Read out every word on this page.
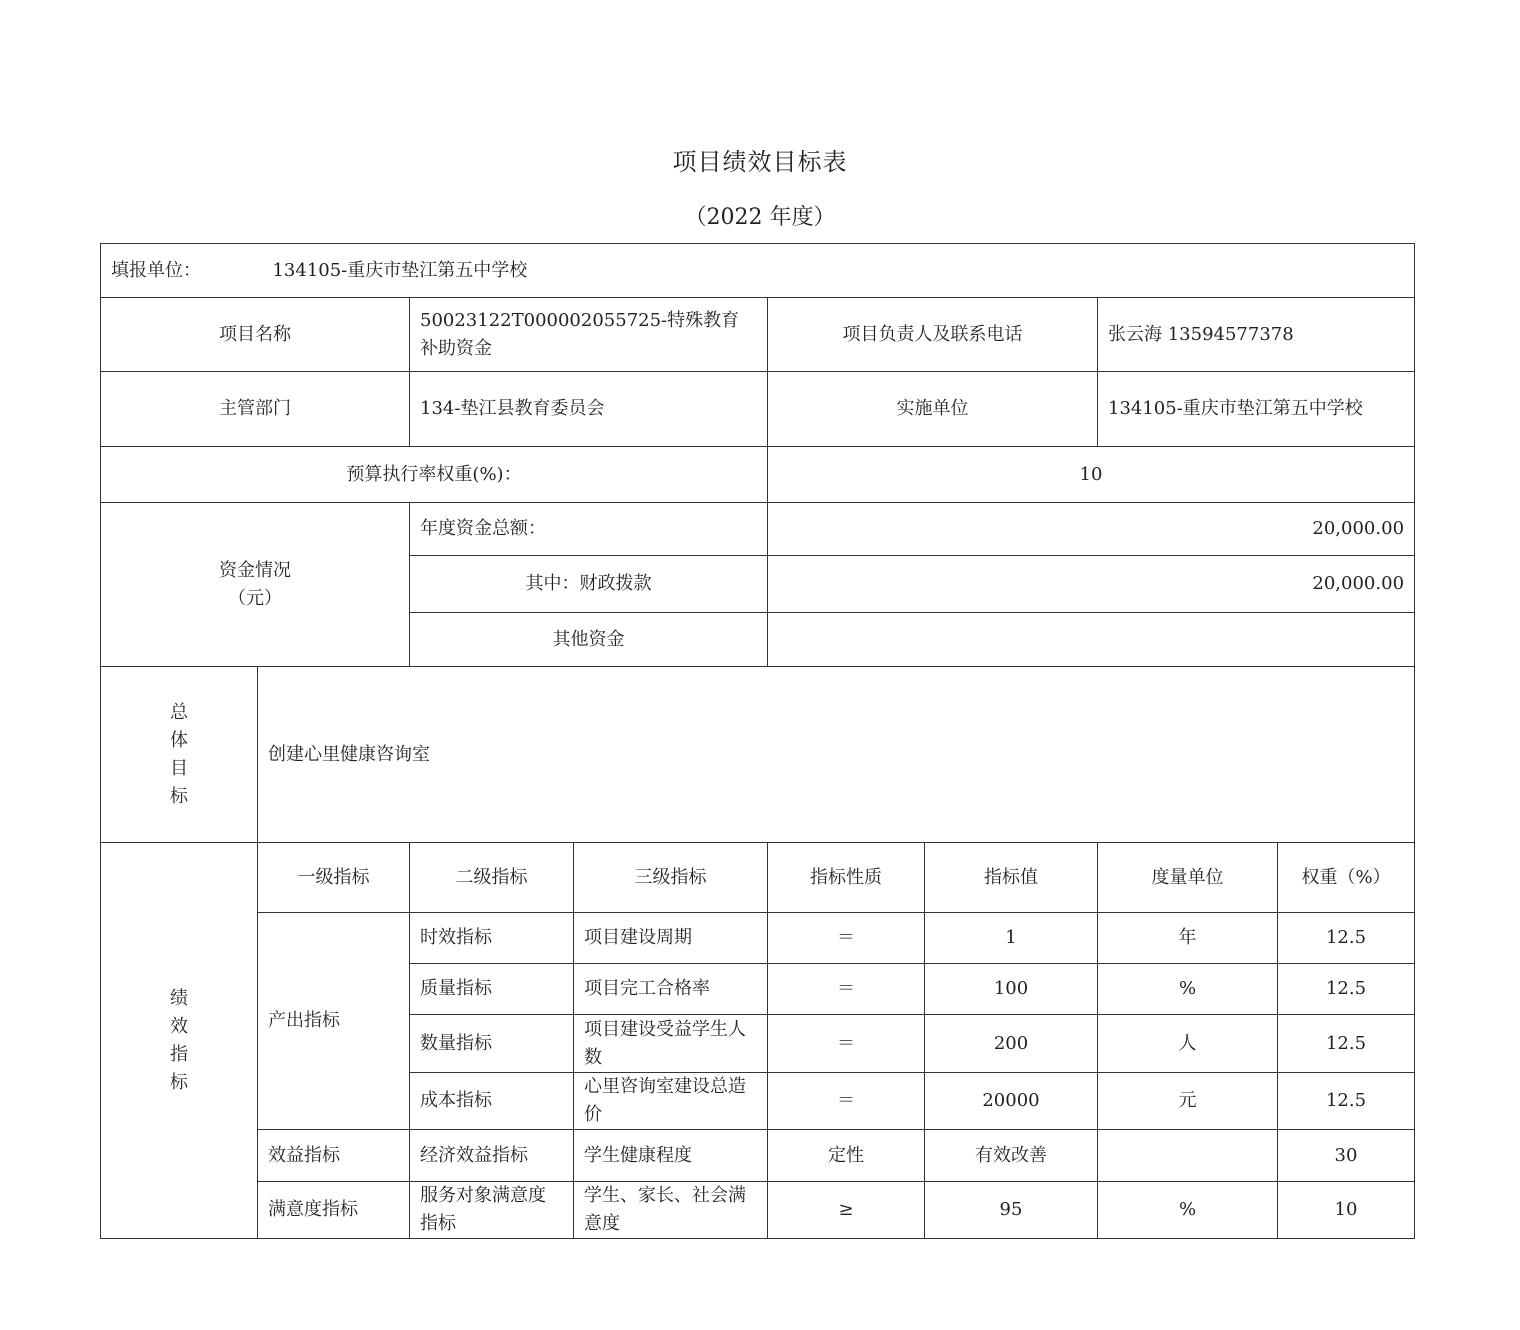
项目绩效目标表
（2022 年度）
填报单位： 134105-重庆市垫江第五中学校							
项目名称		50023122T000002055725-特殊教育补助资金		项目负责人及联系电话		张云海 13594577378	
主管部门		134-垫江县教育委员会		实施单位		134105-重庆市垫江第五中学校	
预算执行率权重(%)：				10			

资金情况
（元）		年度资金总额：		20,000.00			
		其中：财政拨款		20,000.00			
		其他资金					

总
体
目
标	创建心里健康咨询室						

绩
效
指
标	一级指标	二级指标	三级指标	指标性质	指标值	度量单位	权重（%）
	产出指标	时效指标	项目建设周期	＝	1	年	12.5
		质量指标	项目完工合格率	＝	100	%	12.5
		数量指标	项目建设受益学生人数	＝	200	人	12.5
		成本指标	心里咨询室建设总造价	＝	20000	元	12.5
	效益指标	经济效益指标	学生健康程度	定性	有效改善		30
	满意度指标	服务对象满意度指标	学生、家长、社会满意度	≥	95	%	10
